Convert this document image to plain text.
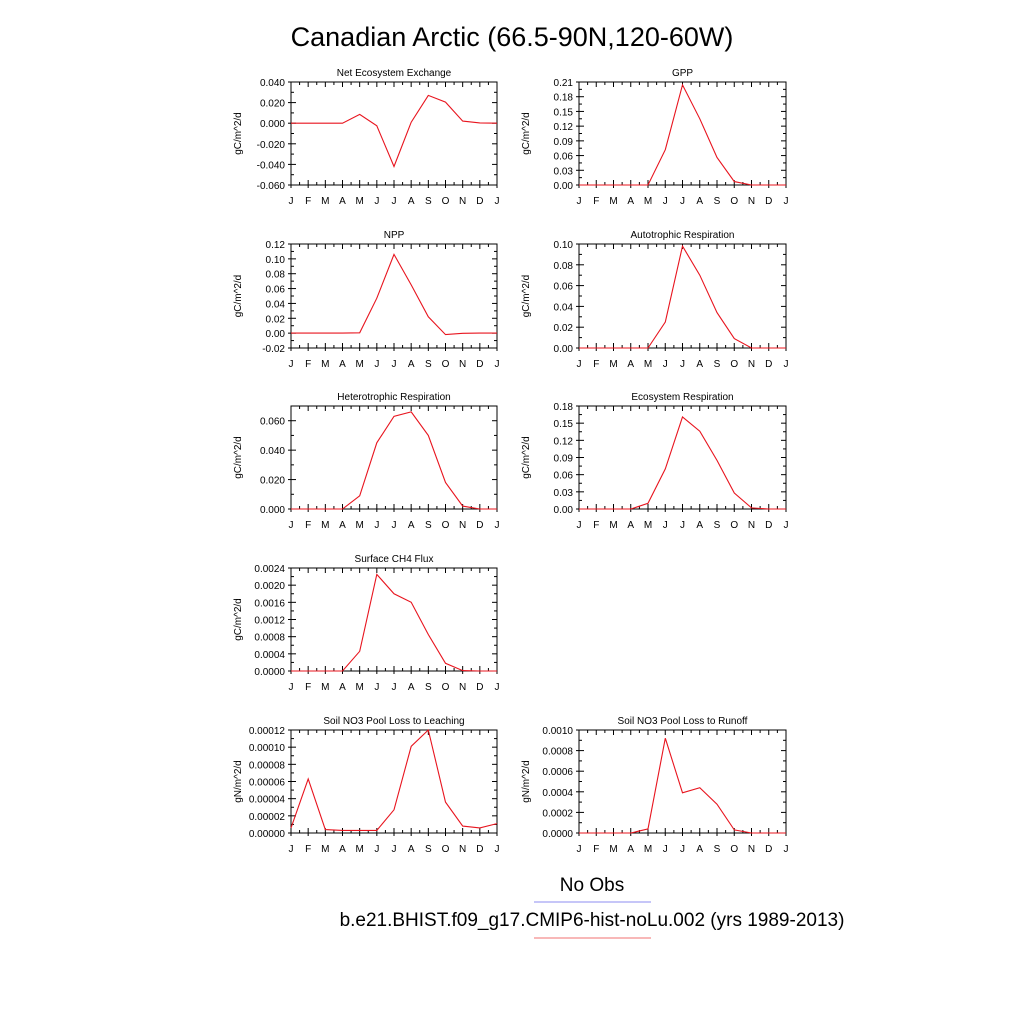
Canadian Arctic (66.5-90N,120-60W)
Net Ecosystem Exchange
gC/m^2/d
J F M A M J J A S O N D J
-0.060
-0.040
-0.020
0.000
0.020
0.040
GPP
gC/m^2/d
J F M A M J J A S O N D J
0.00
0.03
0.06
0.09
0.12
0.15
0.18
0.21
NPP
gC/m^2/d
J F M A M J J A S O N D J
-0.02
0.00
0.02
0.04
0.06
0.08
0.10
0.12
Autotrophic Respiration
gC/m^2/d
J F M A M J J A S O N D J
0.00
0.02
0.04
0.06
0.08
0.10
Heterotrophic Respiration
gC/m^2/d
J F M A M J J A S O N D J
0.000
0.020
0.040
0.060
Ecosystem Respiration
gC/m^2/d
J F M A M J J A S O N D J
0.00
0.03
0.06
0.09
0.12
0.15
0.18
Surface CH4 Flux
gC/m^2/d
J F M A M J J A S O N D J
0.0000
0.0004
0.0008
0.0012
0.0016
0.0020
0.0024
Soil NO3 Pool Loss to Leaching
gN/m^2/d
J F M A M J J A S O N D J
0.00000
0.00002
0.00004
0.00006
0.00008
0.00010
0.00012
Soil NO3 Pool Loss to Runoff
gN/m^2/d
J F M A M J J A S O N D J
0.0000
0.0002
0.0004
0.0006
0.0008
0.0010
No Obs
b.e21.BHIST.f09_g17.CMIP6-hist-noLu.002 (yrs 1989-2013)
